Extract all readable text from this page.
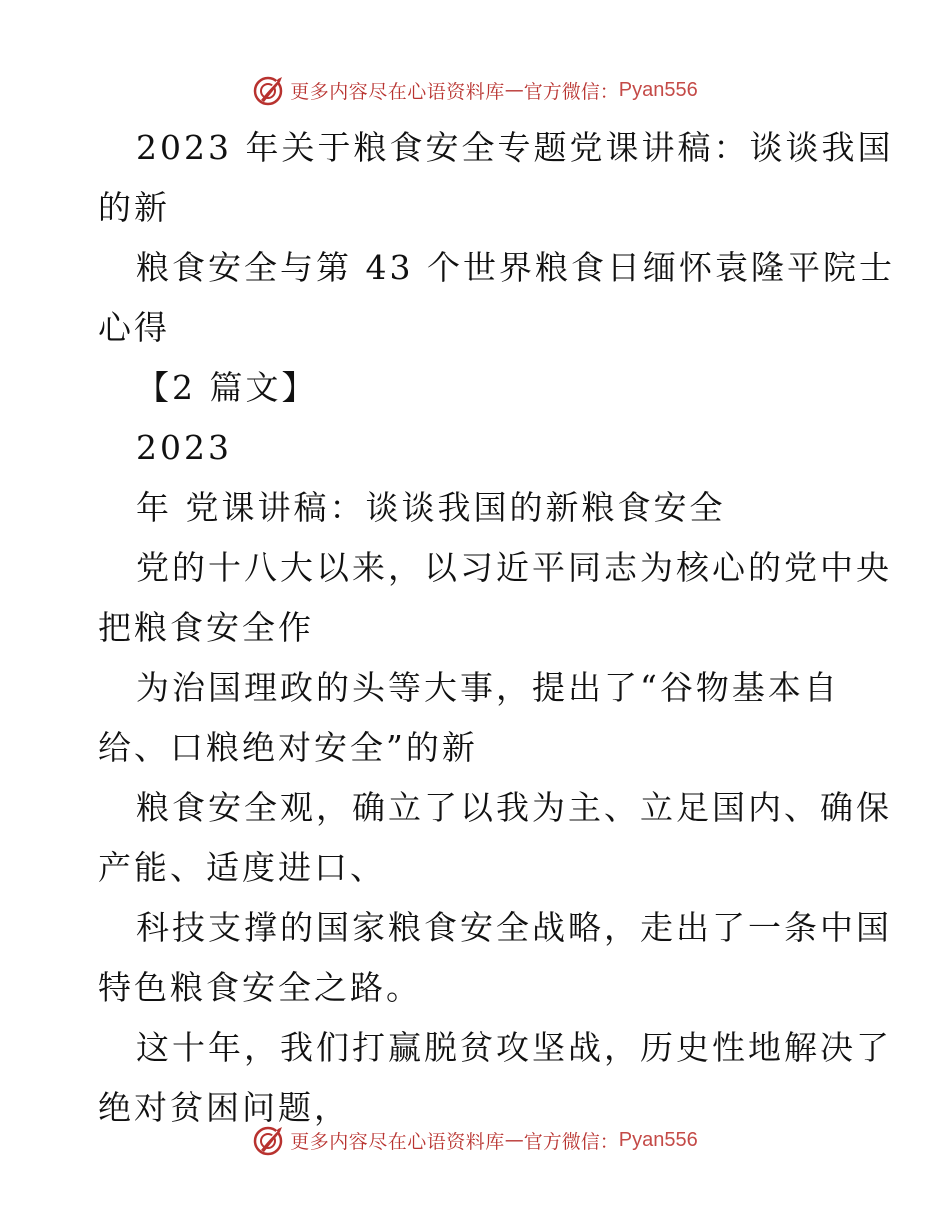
更多内容尽在心语资料库 — 官方微信： Pyan556
2023 年关于粮食安全专题党课讲稿：谈谈我国
的新
粮食安全与第 43 个世界粮食日缅怀袁隆平院士
心得
【2 篇文】
2023
年 党课讲稿：谈谈我国的新粮食安全
党的十八大以来，以习近平同志为核心的党中央
把粮食安全作
为治国理政的头等大事，提出了“谷物基本自
给、口粮绝对安全”的新
粮食安全观，确立了以我为主、立足国内、确保
产能、适度进口、
科技支撑的国家粮食安全战略，走出了一条中国
特色粮食安全之路。
这十年，我们打赢脱贫攻坚战，历史性地解决了
绝对贫困问题，
更多内容尽在心语资料库 — 官方微信： Pyan556
